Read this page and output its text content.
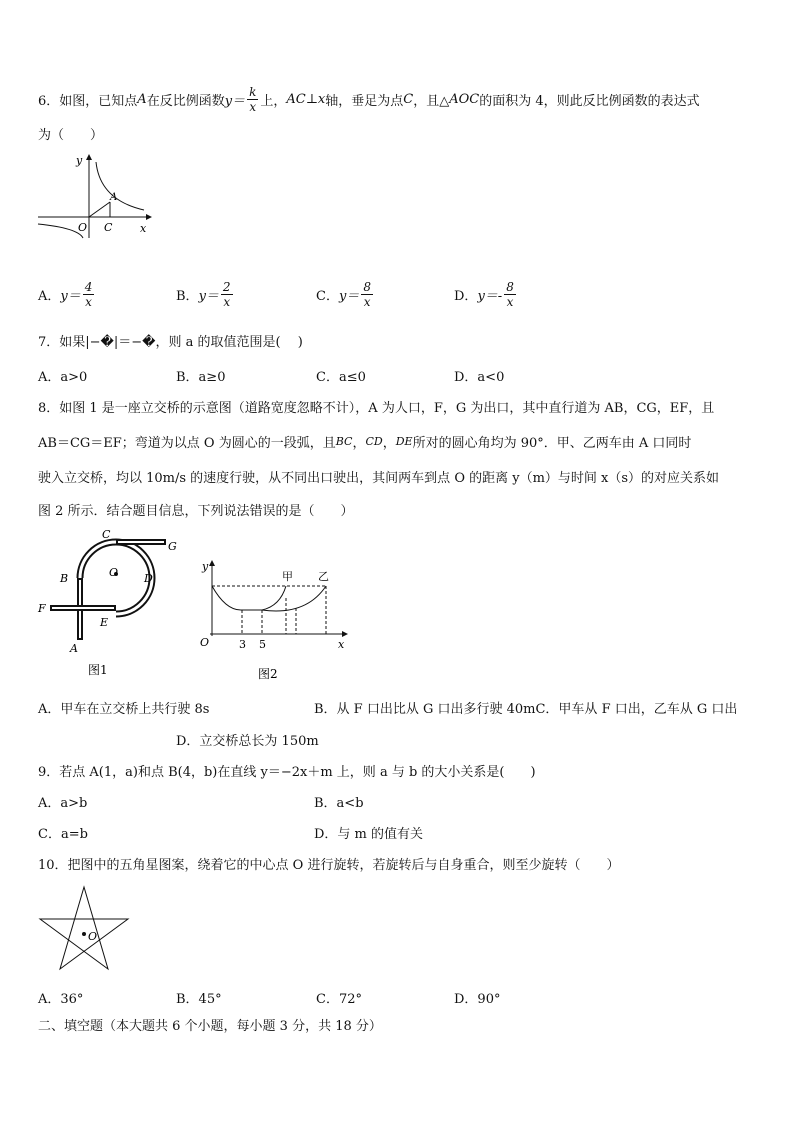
6． 如图，已知点 A 在反比例函数 $y= \frac{k}{x}$ 上， AC⊥x 轴，垂足为点 C ，且△ AOC 的面积为 4，则此反比例函数的表达式
为（　　）
y
x
O
A
C
A． $y= \frac{4}{x}$	B． $y= \frac{2}{x}$	C． $y= \frac{8}{x}$	D． $y=- \frac{8}{x}$
7．如果|−�|＝−�，则 a 的取值范围是(　 )
A．a>0	B．a≥0	C．a≤0	D．a<0
8．如图 1 是一座立交桥的示意图（道路宽度忽略不计），A 为人口，F，G 为出口，其中直行道为 AB，CG，EF，且
AB＝CG＝EF；弯道为以点 O 为圆心的一段弧，且 BC ， CD ， DE 所对的圆心角均为 90°．甲、乙两车由 A 口同时
驶入立交桥，均以 10m/s 的速度行驶，从不同出口驶出，其间两车到点 O 的距离 y（m）与时间 x（s）的对应关系如
图 2 所示．结合题目信息，下列说法错误的是（　　）
C
G
B	O D
F
E
A
图1
y
x
O	3 5
甲 乙
图2
A．甲车在立交桥上共行驶 8s	B．从 F 口出比从 G 口出多行驶 40mC．甲车从 F 口出，乙车从 G 口出
D．立交桥总长为 150m
9．若点 A(1，a)和点 B(4，b)在直线 y＝−2x＋m 上，则 a 与 b 的大小关系是(　　)
A．a>b	B．a<b
C．a=b	D．与 m 的值有关
10．把图中的五角星图案，绕着它的中心点 O 进行旋转，若旋转后与自身重合，则至少旋转（　　）
O
A．36°	B．45°	C．72°	D．90°
二、填空题（本大题共 6 个小题，每小题 3 分，共 18 分）
